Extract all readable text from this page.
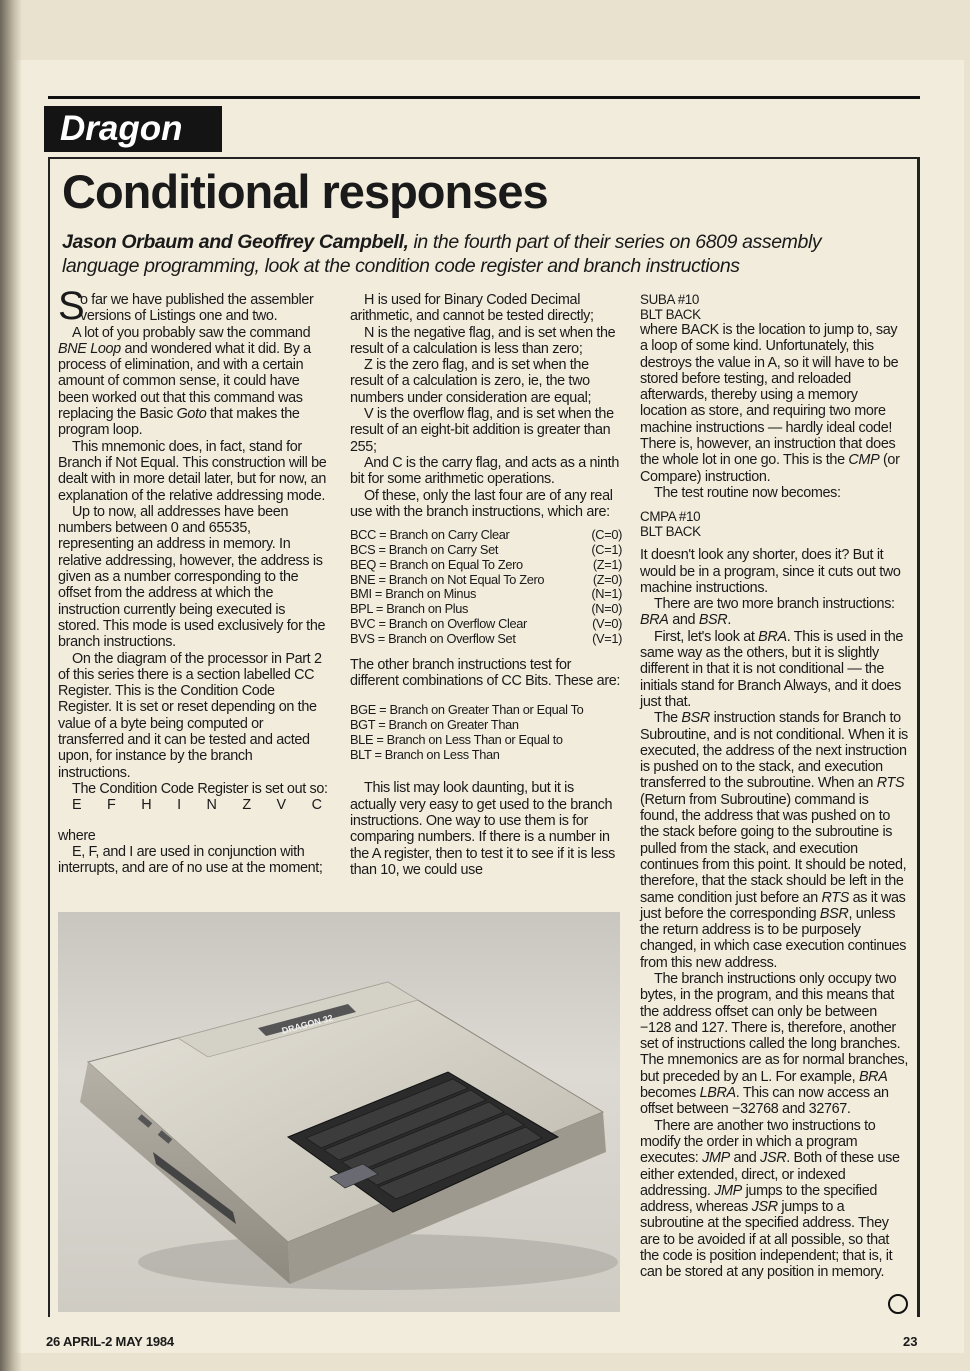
Dragon
Conditional responses

Jason Orbaum and Geoffrey Campbell, in the fourth part of their series on 6809 assembly language programming, look at the condition code register and branch instructions

S
o far we have published the assembler versions of Listings one and two.

A lot of you probably saw the command BNE Loop and wondered what it did. By a process of elimination, and with a certain amount of common sense, it could have been worked out that this command was replacing the Basic Goto that makes the program loop.

This mnemonic does, in fact, stand for Branch if Not Equal. This construction will be dealt with in more detail later, but for now, an explanation of the relative addressing mode.

Up to now, all addresses have been numbers between 0 and 65535, representing an address in memory. In relative addressing, however, the address is given as a number corresponding to the offset from the address at which the instruction currently being executed is stored. This mode is used exclusively for the branch instructions.

On the diagram of the processor in Part 2 of this series there is a section labelled CC Register. This is the Condition Code Register. It is set or reset depending on the value of a byte being computed or transferred and it can be tested and acted upon, for instance by the branch instructions.

The Condition Code Register is set out so:

E F H I N Z V C

where

E, F, and I are used in conjunction with interrupts, and are of no use at the moment;

H is used for Binary Coded Decimal arithmetic, and cannot be tested directly;

N is the negative flag, and is set when the result of a calculation is less than zero;

Z is the zero flag, and is set when the result of a calculation is zero, ie, the two numbers under consideration are equal;

V is the overflow flag, and is set when the result of an eight-bit addition is greater than 255;

And C is the carry flag, and acts as a ninth bit for some arithmetic operations.

Of these, only the last four are of any real use with the branch instructions, which are:

BCC = Branch on Carry Clear	(C=0)
BCS = Branch on Carry Set	(C=1)
BEQ = Branch on Equal To Zero	(Z=1)
BNE = Branch on Not Equal To Zero	(Z=0)
BMI = Branch on Minus	(N=1)
BPL = Branch on Plus	(N=0)
BVC = Branch on Overflow Clear	(V=0)
BVS = Branch on Overflow Set	(V=1)

The other branch instructions test for different combinations of CC Bits. These are:

BGE = Branch on Greater Than or Equal To
BGT = Branch on Greater Than
BLE = Branch on Less Than or Equal to
BLT = Branch on Less Than

This list may look daunting, but it is actually very easy to get used to the branch instructions. One way to use them is for comparing numbers. If there is a number in the A register, then to test it to see if it is less than 10, we could use

SUBA #10
BLT BACK

where BACK is the location to jump to, say a loop of some kind. Unfortunately, this destroys the value in A, so it will have to be stored before testing, and reloaded afterwards, thereby using a memory location as store, and requiring two more machine instructions — hardly ideal code! There is, however, an instruction that does the whole lot in one go. This is the CMP (or Compare) instruction.

The test routine now becomes:

CMPA #10
BLT BACK

It doesn't look any shorter, does it? But it would be in a program, since it cuts out two machine instructions.

There are two more branch instructions: BRA and BSR.

First, let's look at BRA. This is used in the same way as the others, but it is slightly different in that it is not conditional — the initials stand for Branch Always, and it does just that.

The BSR instruction stands for Branch to Subroutine, and is not conditional. When it is executed, the address of the next instruction is pushed on to the stack, and execution transferred to the subroutine. When an RTS (Return from Subroutine) command is found, the address that was pushed on to the stack before going to the subroutine is pulled from the stack, and execution continues from this point. It should be noted, therefore, that the stack should be left in the same condition just before an RTS as it was just before the corresponding BSR, unless the return address is to be purposely changed, in which case execution continues from this new address.

The branch instructions only occupy two bytes, in the program, and this means that the address offset can only be between −128 and 127. There is, therefore, another set of instructions called the long branches. The mnemonics are as for normal branches, but preceded by an L. For example, BRA becomes LBRA. This can now access an offset between −32768 and 32767.

There are another two instructions to modify the order in which a program executes: JMP and JSR. Both of these use either extended, direct, or indexed addressing. JMP jumps to the specified address, whereas JSR jumps to a subroutine at the specified address. They are to be avoided if at all possible, so that the code is position independent; that is, it can be stored at any position in memory.

DRAGON 32
26 APRIL-2 MAY 1984	23
